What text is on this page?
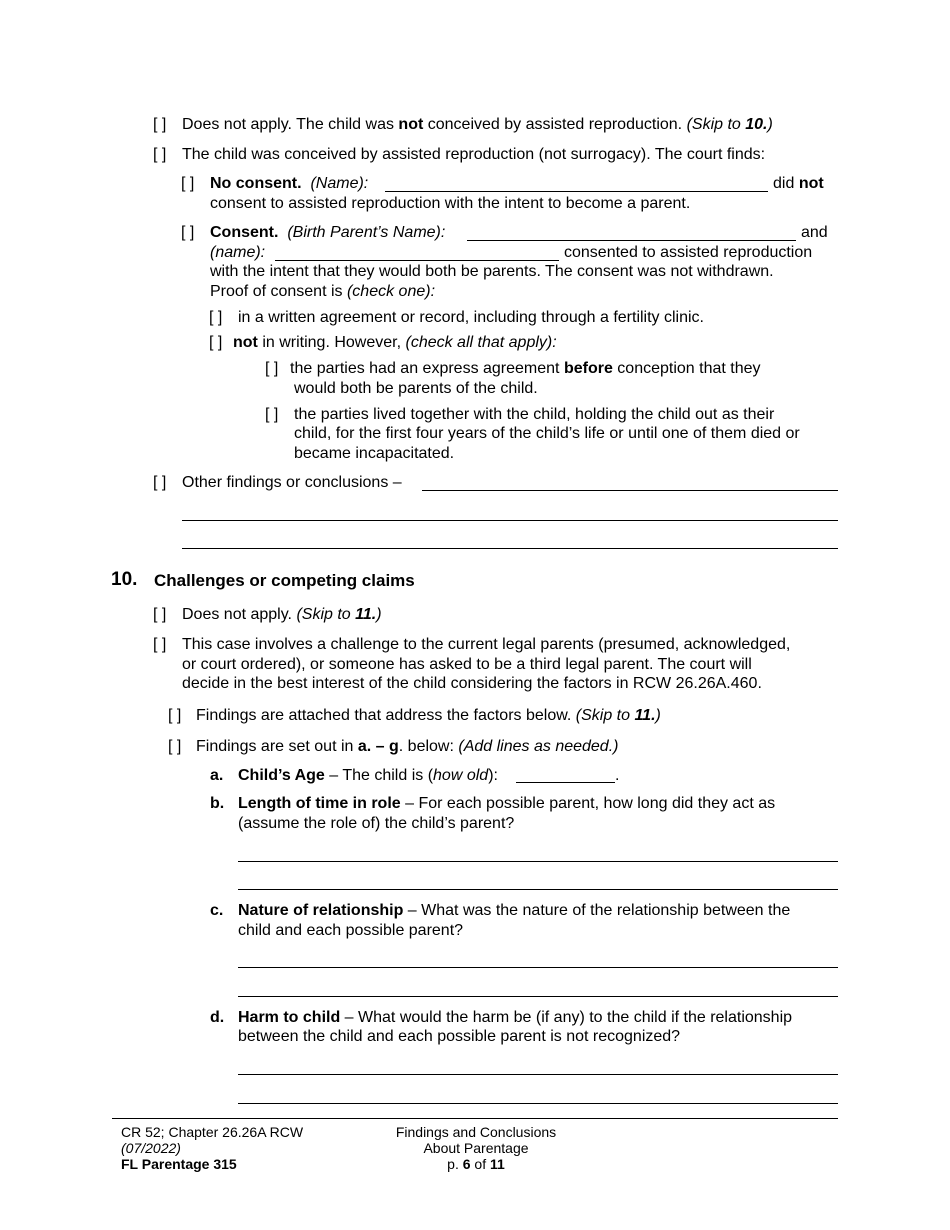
[ ] Does not apply. The child was not conceived by assisted reproduction. (Skip to 10.)
[ ] The child was conceived by assisted reproduction (not surrogacy). The court finds:
[ ] No consent. (Name):	did not
consent to assisted reproduction with the intent to become a parent.
[ ] Consent. (Birth Parent’s Name):	and
(name):	consented to assisted reproduction
with the intent that they would both be parents. The consent was not withdrawn.
Proof of consent is (check one):
[ ] in a written agreement or record, including through a fertility clinic.
[ ] not in writing. However, (check all that apply):
[ ] the parties had an express agreement before conception that they
would both be parents of the child.
[ ] the parties lived together with the child, holding the child out as their
child, for the first four years of the child’s life or until one of them died or
became incapacitated.
[ ] Other findings or conclusions –
10. Challenges or competing claims
[ ] Does not apply. (Skip to 11.)
[ ] This case involves a challenge to the current legal parents (presumed, acknowledged,
or court ordered), or someone has asked to be a third legal parent. The court will
decide in the best interest of the child considering the factors in RCW 26.26A.460.
[ ] Findings are attached that address the factors below. (Skip to 11.)
[ ] Findings are set out in a. – g. below: (Add lines as needed.)
a. Child’s Age – The child is (how old):	.
b. Length of time in role – For each possible parent, how long did they act as
(assume the role of) the child’s parent?
c. Nature of relationship – What was the nature of the relationship between the
child and each possible parent?
d. Harm to child – What would the harm be (if any) to the child if the relationship
between the child and each possible parent is not recognized?
CR 52; Chapter 26.26A RCW
(07/2022)
FL Parentage 315
Findings and Conclusions
About Parentage
p. 6 of 11
